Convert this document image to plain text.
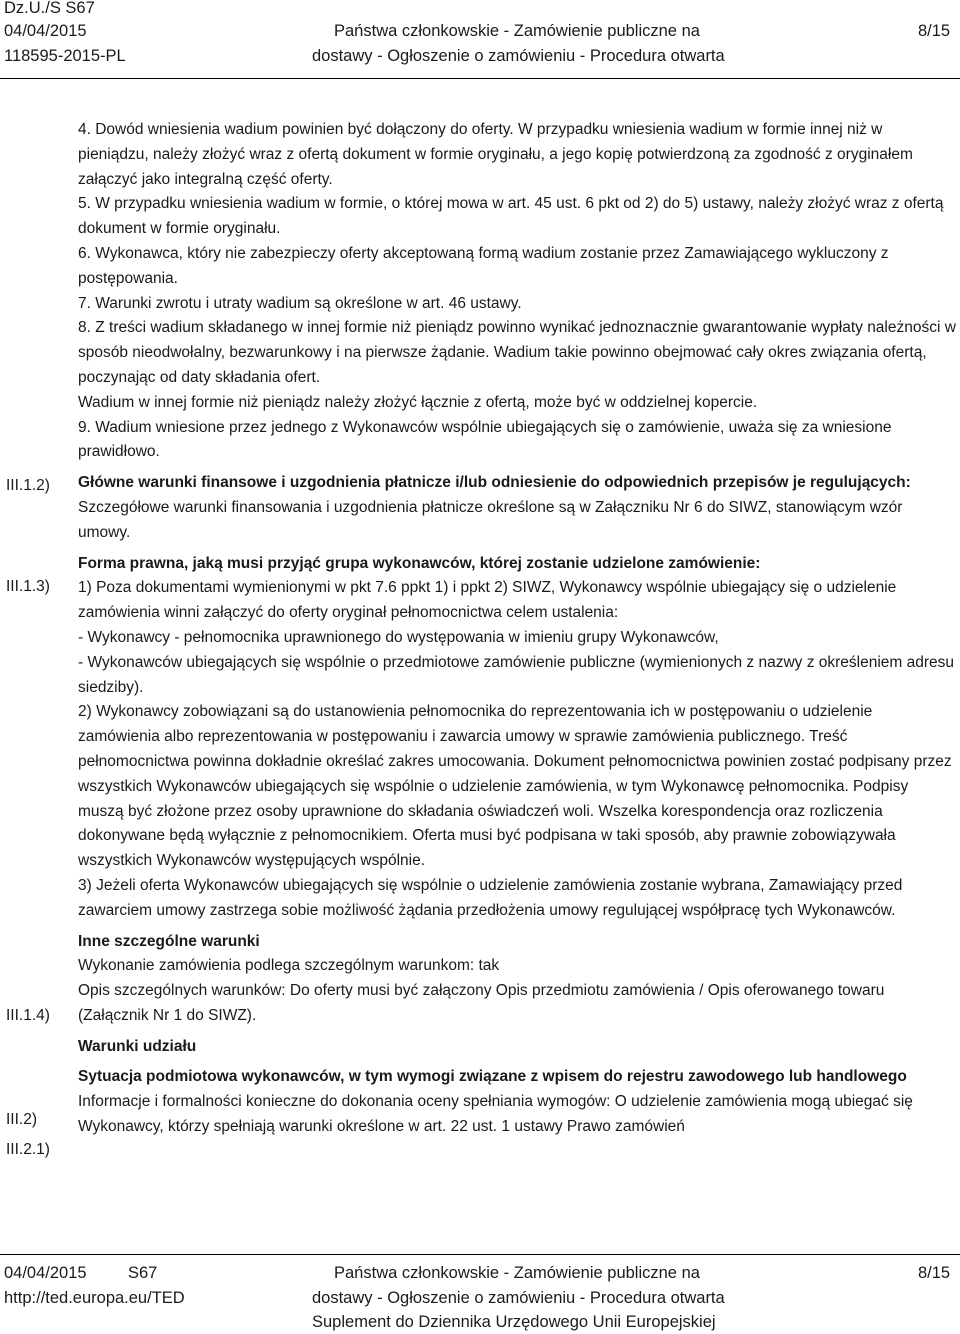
Dz.U./S S67
04/04/2015
118595-2015-PL
Państwa członkowskie - Zamówienie publiczne na
dostawy - Ogłoszenie o zamówieniu - Procedura otwarta
8/15
III.1.2)
III.1.3)
III.1.4)
III.2)
III.2.1)

4. Dowód wniesienia wadium powinien być dołączony do oferty. W przypadku wniesienia wadium w formie innej niż w pieniądzu, należy złożyć wraz z ofertą dokument w formie oryginału, a jego kopię potwierdzoną za zgodność z oryginałem załączyć jako integralną część oferty.

5. W przypadku wniesienia wadium w formie, o której mowa w art. 45 ust. 6 pkt od 2) do 5) ustawy, należy złożyć wraz z ofertą dokument w formie oryginału.

6. Wykonawca, który nie zabezpieczy oferty akceptowaną formą wadium zostanie przez Zamawiającego wykluczony z postępowania.

7. Warunki zwrotu i utraty wadium są określone w art. 46 ustawy.

8. Z treści wadium składanego w innej formie niż pieniądz powinno wynikać jednoznacznie gwarantowanie wypłaty należności w sposób nieodwołalny, bezwarunkowy i na pierwsze żądanie. Wadium takie powinno obejmować cały okres związania ofertą, poczynając od daty składania ofert.

Wadium w innej formie niż pieniądz należy złożyć łącznie z ofertą, może być w oddzielnej kopercie.

9. Wadium wniesione przez jednego z Wykonawców wspólnie ubiegających się o zamówienie, uważa się za wniesione prawidłowo.

Główne warunki finansowe i uzgodnienia płatnicze i/lub odniesienie do odpowiednich przepisów je regulujących:

Szczegółowe warunki finansowania i uzgodnienia płatnicze określone są w Załączniku Nr 6 do SIWZ, stanowiącym wzór umowy.

Forma prawna, jaką musi przyjąć grupa wykonawców, której zostanie udzielone zamówienie:

1) Poza dokumentami wymienionymi w pkt 7.6 ppkt 1) i ppkt 2) SIWZ, Wykonawcy wspólnie ubiegający się o udzielenie zamówienia winni załączyć do oferty oryginał pełnomocnictwa celem ustalenia:

- Wykonawcy - pełnomocnika uprawnionego do występowania w imieniu grupy Wykonawców,

- Wykonawców ubiegających się wspólnie o przedmiotowe zamówienie publiczne (wymienionych z nazwy z określeniem adresu siedziby).

2) Wykonawcy zobowiązani są do ustanowienia pełnomocnika do reprezentowania ich w postępowaniu o udzielenie zamówienia albo reprezentowania w postępowaniu i zawarcia umowy w sprawie zamówienia publicznego. Treść pełnomocnictwa powinna dokładnie określać zakres umocowania. Dokument pełnomocnictwa powinien zostać podpisany przez wszystkich Wykonawców ubiegających się wspólnie o udzielenie zamówienia, w tym Wykonawcę pełnomocnika. Podpisy muszą być złożone przez osoby uprawnione do składania oświadczeń woli. Wszelka korespondencja oraz rozliczenia dokonywane będą wyłącznie z pełnomocnikiem. Oferta musi być podpisana w taki sposób, aby prawnie zobowiązywała wszystkich Wykonawców występujących wspólnie.

3) Jeżeli oferta Wykonawców ubiegających się wspólnie o udzielenie zamówienia zostanie wybrana, Zamawiający przed zawarciem umowy zastrzega sobie możliwość żądania przedłożenia umowy regulującej współpracę tych Wykonawców.

Inne szczególne warunki

Wykonanie zamówienia podlega szczególnym warunkom: tak

Opis szczególnych warunków: Do oferty musi być załączony Opis przedmiotu zamówienia / Opis oferowanego towaru (Załącznik Nr 1 do SIWZ).

Warunki udziału

Sytuacja podmiotowa wykonawców, w tym wymogi związane z wpisem do rejestru zawodowego lub handlowego

Informacje i formalności konieczne do dokonania oceny spełniania wymogów: O udzielenie zamówienia mogą ubiegać się Wykonawcy, którzy spełniają warunki określone w art. 22 ust. 1 ustawy Prawo zamówień

04/04/2015	S67
http://ted.europa.eu/TED
Państwa członkowskie - Zamówienie publiczne na
dostawy - Ogłoszenie o zamówieniu - Procedura otwarta
Suplement do Dziennika Urzędowego Unii Europejskiej
8/15
